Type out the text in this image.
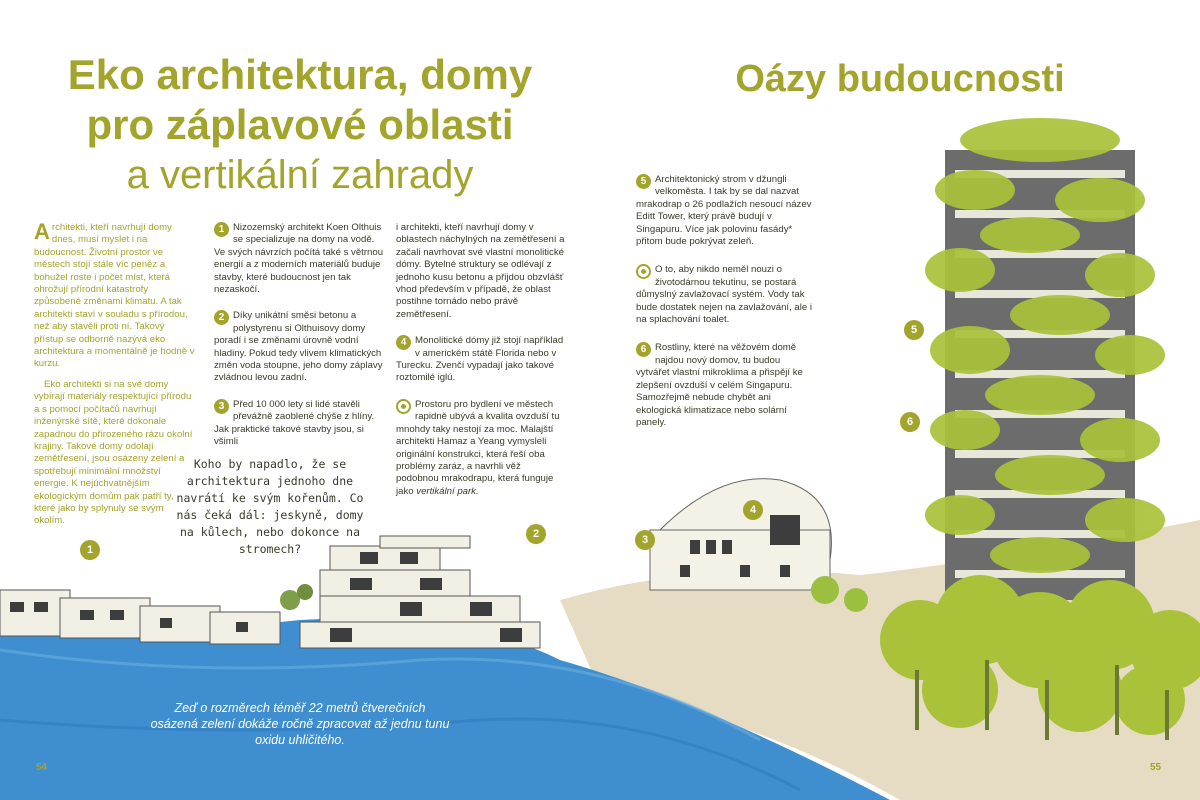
Eko architektura, domy
pro záplavové oblasti
a vertikální zahrady
Oázy budoucnosti

Architekti, kteří navrhují domy dnes, musí myslet i na budoucnost. Životní prostor ve městech stojí stále víc peněz a bohužel roste i počet míst, která ohrožují přírodní katastrofy způsobené změnami klimatu. A tak architekti staví v souladu s přírodou, než aby stavěli proti ní. Takový přístup se odborně nazývá eko architektura a momentálně je hodně v kurzu.

Eko architekti si na své domy vybírají materiály respektující přírodu a s pomocí počítačů navrhují inženýrské sítě, které dokonale zapadnou do přirozeného rázu okolní krajiny. Takové domy odolají zemětřesení, jsou osázeny zelení a spotřebují minimální množství energie. K nejúchvatnějším ekologickým domům pak patří ty, které jako by splynuly se svým okolím.

1 Nizozemský architekt Koen Olthuis se specializuje na domy na vodě. Ve svých návrzích počítá také s větrnou energií a z moderních materiálů buduje stavby, které budoucnost jen tak nezaskočí.

2 Díky unikátní směsi betonu a polystyrenu si Olthuisovy domy poradí i se změnami úrovně vodní hladiny. Pokud tedy vlivem klimatických změn voda stoupne, jeho domy záplavy zvládnou levou zadní.

3 Před 10 000 lety si lidé stavěli převážně zaoblené chýše z hlíny. Jak praktické takové stavby jsou, si všimli

i architekti, kteří navrhují domy v oblastech náchylných na zemětřesení a začali navrhovat své vlastní monolitické dómy. Bytelné struktury se odlévají z jednoho kusu betonu a přijdou obzvlášť vhod především v případě, že oblast postihne tornádo nebo právě zemětřesení.

4 Monolitické dómy již stojí například v americkém státě Florida nebo v Turecku. Zvenčí vypadají jako takové roztomilé iglú.

Prostoru pro bydlení ve městech rapidně ubývá a kvalita ovzduší tu mnohdy taky nestojí za moc. Malajští architekti Hamaz a Yeang vymysleli originální konstrukci, která řeší oba problémy zaráz, a navrhli věž podobnou mrakodrapu, která funguje jako vertikální park.

5 Architektonický strom v džungli velkoměsta. I tak by se dal nazvat mrakodrap o 26 podlažích nesoucí název Editt Tower, který právě budují v Singapuru. Více jak polovinu fasády* přitom bude pokrývat zeleň.

O to, aby nikdo neměl nouzi o životodárnou tekutinu, se postará důmyslný zavlažovací systém. Vody tak bude dostatek nejen na zavlažování, ale i na splachování toalet.

6 Rostliny, které na věžovém domě najdou nový domov, tu budou vytvářet vlastní mikroklima a přispějí ke zlepšení ovzduší v celém Singapuru. Samozřejmě nebude chybět ani ekologická klimatizace nebo solární panely.

Koho by napadlo, že se architektura jednoho dne navrátí ke svým kořenům. Co nás čeká dál: jeskyně, domy na kůlech, nebo dokonce na stromech?
Zeď o rozměrech téměř 22 metrů čtverečních osázená zelení dokáže ročně zpracovat až jednu tunu oxidu uhličitého.
1
2	3
4
5
6
54	55
